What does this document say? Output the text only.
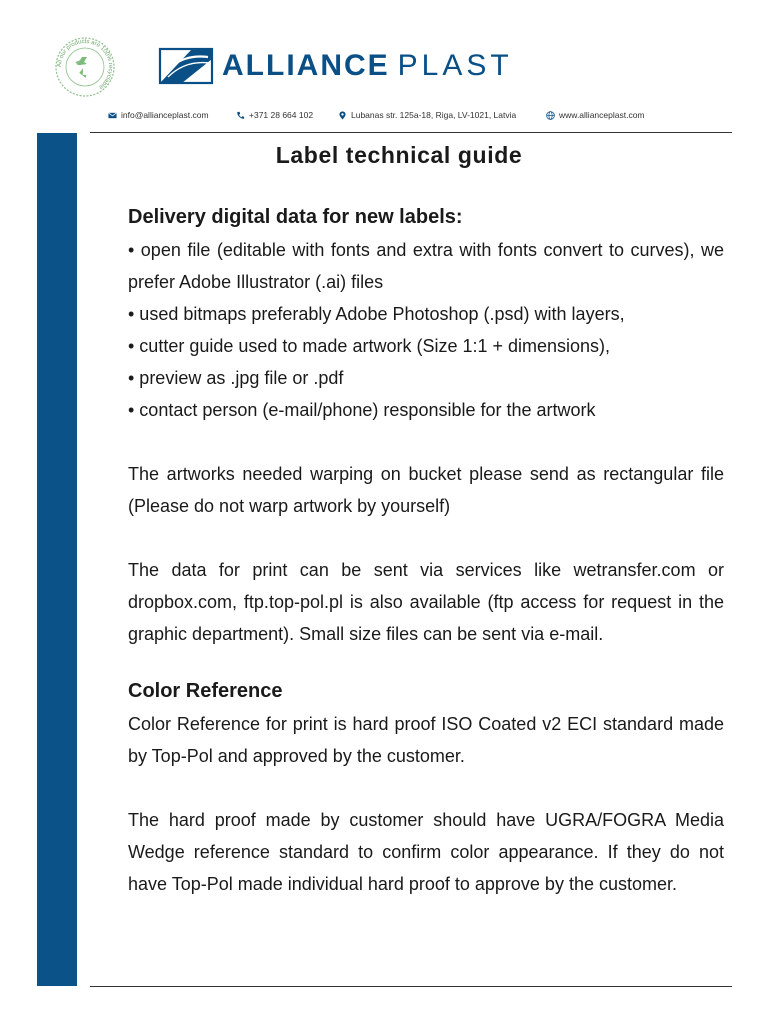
All our products are 100% recyclable
ALLIANCE PLAST
info@allianceplast.com	+371 28 664 102	Lubanas str. 125a-18, Riga, LV-1021, Latvia	www.allianceplast.com
Label technical guide
Delivery digital data for new labels:

• open file (editable with fonts and extra with fonts convert to curves), we prefer Adobe Illustrator (.ai) files

• used bitmaps preferably Adobe Photoshop (.psd) with layers,

• cutter guide used to made artwork (Size 1:1 + dimensions),

• preview as .jpg file or .pdf

• contact person (e-mail/phone) responsible for the artwork

The artworks needed warping on bucket please send as rectangular file (Please do not warp artwork by yourself)

The data for print can be sent via services like wetransfer.com or dropbox.com, ftp.top-pol.pl is also available (ftp access for request in the graphic department). Small size files can be sent via e-mail.

Color Reference

Color Reference for print is hard proof ISO Coated v2 ECI standard made by Top-Pol and approved by the customer.

The hard proof made by customer should have UGRA/FOGRA Media Wedge reference standard to confirm color appearance. If they do not have Top-Pol made individual hard proof to approve by the customer.
